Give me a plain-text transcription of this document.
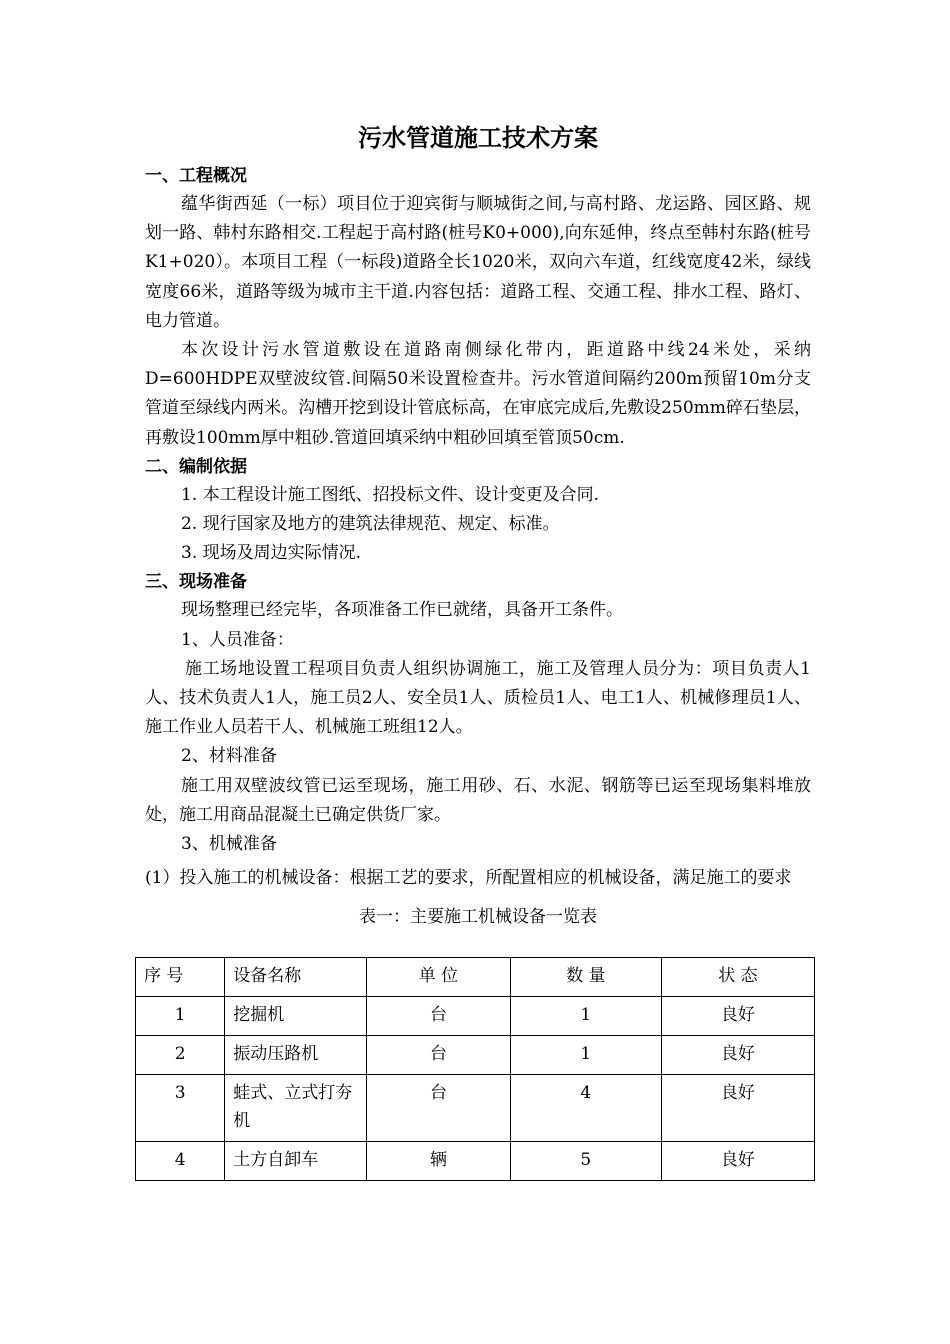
污水管道施工技术方案
一、工程概况

蕴华街西延（一标）项目位于迎宾街与顺城街之间,与高村路、龙运路、园区路、规划一路、韩村东路相交.工程起于高村路(桩号K0+000),向东延伸，终点至韩村东路(桩号K1+020）。本项目工程（一标段)道路全长1020米，双向六车道，红线宽度42米，绿线宽度66米，道路等级为城市主干道.内容包括：道路工程、交通工程、排水工程、路灯、电力管道。

本次设计污水管道敷设在道路南侧绿化带内，距道路中线24米处，采纳D=600HDPE双壁波纹管.间隔50米设置检查井。污水管道间隔约200m预留10m分支管道至绿线内两米。沟槽开挖到设计管底标高，在审底完成后,先敷设250mm碎石垫层，再敷设100mm厚中粗砂.管道回填采纳中粗砂回填至管顶50cm.

二、编制依据

1. 本工程设计施工图纸、招投标文件、设计变更及合同.

2. 现行国家及地方的建筑法律规范、规定、标准。

3. 现场及周边实际情况.

三、现场准备

现场整理已经完毕，各项准备工作已就绪，具备开工条件。

1、人员准备：

施工场地设置工程项目负责人组织协调施工，施工及管理人员分为：项目负责人1人、技术负责人1人，施工员2人、安全员1人、质检员1人、电工1人、机械修理员1人、施工作业人员若干人、机械施工班组12人。

2、材料准备

施工用双壁波纹管已运至现场，施工用砂、石、水泥、钢筋等已运至现场集料堆放处，施工用商品混凝土已确定供货厂家。

3、机械准备

(1）投入施工的机械设备：根据工艺的要求，所配置相应的机械设备，满足施工的要求

表一：主要施工机械设备一览表

序 号	设备名称	单 位	数 量	状 态
1	挖掘机	台	1	良好
2	振动压路机	台	1	良好
3	蛙式、立式打夯机	台	4	良好
4	土方自卸车	辆	5	良好
